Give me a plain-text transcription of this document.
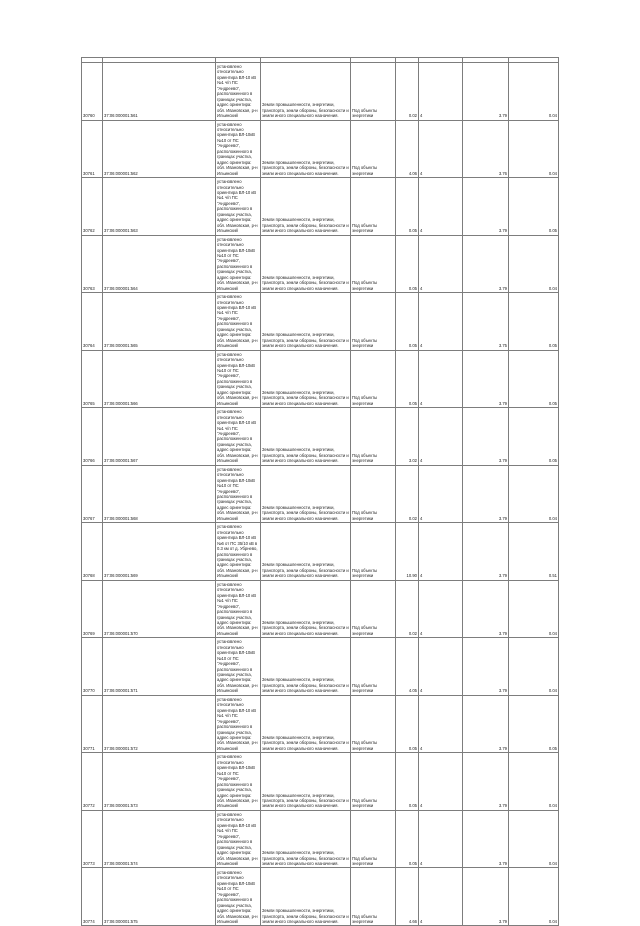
30760	37:06:000001:561	установлено относительно ориентира ВЛ-10 кВ №1 ч/п ПС "Андреево", расположенного в границах участка, адрес ориентира: обл. Ивановская, р-н Ильинский	Земли промышленности, энергетики, транспорта, земли обороны, безопасности и земли иного специального назначения.	Под объекты энергетики	0.02	4	3.79	0.04
30761	37:06:000001:562	установлено относительно ориентира ВЛ-10кВ №10 от ПС "Андреево", расположенного в границах участка, адрес ориентира: обл. Ивановская, р-н Ильинский	Земли промышленности, энергетики, транспорта, земли обороны, безопасности и земли иного специального назначения.	Под объекты энергетики	4.06	4	3.76	0.04
30762	37:06:000001:563	установлено относительно ориентира ВЛ-10 кВ №1 ч/п ПС "Андреево", расположенного в границах участка, адрес ориентира: обл. Ивановская, р-н Ильинский	Земли промышленности, энергетики, транспорта, земли обороны, безопасности и земли иного специального назначения.	Под объекты энергетики	0.05	4	3.79	0.05
30763	37:06:000001:564	установлено относительно ориентира ВЛ-10кВ №10 от ПС "Андреево", расположенного в границах участка, адрес ориентира: обл. Ивановская, р-н Ильинский	Земли промышленности, энергетики, транспорта, земли обороны, безопасности и земли иного специального назначения.	Под объекты энергетики	0.05	4	3.79	0.04
30764	37:06:000001:565	установлено относительно ориентира ВЛ-10 кВ №1 ч/п ПС "Андреево", расположенного в границах участка, адрес ориентира: обл. Ивановская, р-н Ильинский	Земли промышленности, энергетики, транспорта, земли обороны, безопасности и земли иного специального назначения.	Под объекты энергетики	0.05	4	3.75	0.05
30765	37:06:000001:566	установлено относительно ориентира ВЛ-10кВ №10 от ПС "Андреево", расположенного в границах участка, адрес ориентира: обл. Ивановская, р-н Ильинский	Земли промышленности, энергетики, транспорта, земли обороны, безопасности и земли иного специального назначения.	Под объекты энергетики	0.05	4	3.79	0.05
30766	37:06:000001:567	установлено относительно ориентира ВЛ-10 кВ №1 ч/п ПС "Андреево", расположенного в границах участка, адрес ориентира: обл. Ивановская, р-н Ильинский	Земли промышленности, энергетики, транспорта, земли обороны, безопасности и земли иного специального назначения.	Под объекты энергетики	3.02	4	3.79	0.05
30767	37:06:000001:568	установлено относительно ориентира ВЛ-10кВ №10 от ПС "Андреево", расположенного в границах участка, адрес ориентира: обл. Ивановская, р-н Ильинский	Земли промышленности, энергетики, транспорта, земли обороны, безопасности и земли иного специального назначения.	Под объекты энергетики	0.02	4	3.79	0.04
30768	37:06:000001:569	установлено относительно ориентира ВЛ-10 кВ №6 от ПС 35/10 кВ в 0.3 км от д. Убрнево, расположенного в границах участка, адрес ориентира: обл. Ивановская, р-н Ильинский	Земли промышленности, энергетики, транспорта, земли обороны, безопасности и земли иного специального назначения.	Под объекты энергетики	10.90	4	3.79	0.51
30769	37:06:000001:570	установлено относительно ориентира ВЛ-10 кВ №1 ч/п ПС "Андреево", расположенного в границах участка, адрес ориентира: обл. Ивановская, р-н Ильинский	Земли промышленности, энергетики, транспорта, земли обороны, безопасности и земли иного специального назначения.	Под объекты энергетики	0.02	4	3.79	0.04
30770	37:06:000001:571	установлено относительно ориентира ВЛ-10кВ №10 от ПС "Андреево", расположенного в границах участка, адрес ориентира: обл. Ивановская, р-н Ильинский	Земли промышленности, энергетики, транспорта, земли обороны, безопасности и земли иного специального назначения.	Под объекты энергетики	4.05	4	3.79	0.04
30771	37:06:000001:572	установлено относительно ориентира ВЛ-10 кВ №1 ч/п ПС "Андреево", расположенного в границах участка, адрес ориентира: обл. Ивановская, р-н Ильинский	Земли промышленности, энергетики, транспорта, земли обороны, безопасности и земли иного специального назначения.	Под объекты энергетики	0.05	4	3.79	0.05
30772	37:06:000001:573	установлено относительно ориентира ВЛ-10кВ №10 от ПС "Андреево", расположенного в границах участка, адрес ориентира: обл. Ивановская, р-н Ильинский	Земли промышленности, энергетики, транспорта, земли обороны, безопасности и земли иного специального назначения.	Под объекты энергетики	0.05	4	3.79	0.04
30773	37:06:000001:574	установлено относительно ориентира ВЛ-10 кВ №1 ч/п ПС "Андреево", расположенного в границах участка, адрес ориентира: обл. Ивановская, р-н Ильинский	Земли промышленности, энергетики, транспорта, земли обороны, безопасности и земли иного специального назначения.	Под объекты энергетики	0.05	4	3.79	0.04
30774	37:06:000001:575	установлено относительно ориентира ВЛ-10кВ №10 от ПС "Андреево", расположенного в границах участка, адрес ориентира: обл. Ивановская, р-н Ильинский	Земли промышленности, энергетики, транспорта, земли обороны, безопасности и земли иного специального назначения.	Под объекты энергетики	4.66	4	3.79	0.04
